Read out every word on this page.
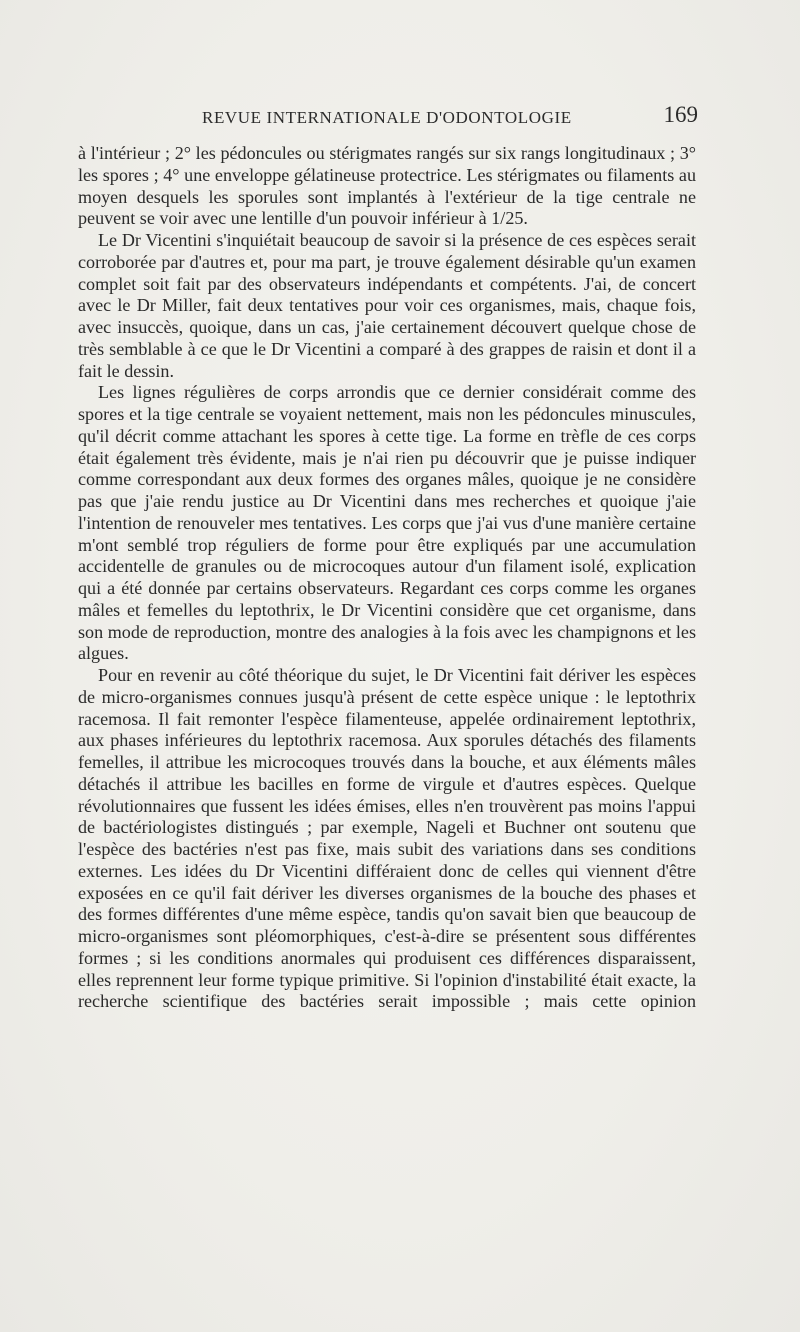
REVUE INTERNATIONALE D'ODONTOLOGIE	169

à l'intérieur ; 2° les pédoncules ou stérigmates rangés sur six rangs longitudinaux ; 3° les spores ; 4° une enveloppe gélatineuse protectrice. Les stérigmates ou filaments au moyen desquels les sporules sont implantés à l'extérieur de la tige centrale ne peuvent se voir avec une lentille d'un pouvoir inférieur à 1/25.

Le Dr Vicentini s'inquiétait beaucoup de savoir si la présence de ces espèces serait corroborée par d'autres et, pour ma part, je trouve également désirable qu'un examen complet soit fait par des observateurs indépendants et compétents. J'ai, de concert avec le Dr Miller, fait deux tentatives pour voir ces organismes, mais, chaque fois, avec insuccès, quoique, dans un cas, j'aie certainement découvert quelque chose de très semblable à ce que le Dr Vicentini a comparé à des grappes de raisin et dont il a fait le dessin.

Les lignes régulières de corps arrondis que ce dernier considérait comme des spores et la tige centrale se voyaient nettement, mais non les pédoncules minuscules, qu'il décrit comme attachant les spores à cette tige. La forme en trèfle de ces corps était également très évidente, mais je n'ai rien pu découvrir que je puisse indiquer comme correspondant aux deux formes des organes mâles, quoique je ne considère pas que j'aie rendu justice au Dr Vicentini dans mes recherches et quoique j'aie l'intention de renouveler mes tentatives. Les corps que j'ai vus d'une manière certaine m'ont semblé trop réguliers de forme pour être expliqués par une accumulation accidentelle de granules ou de microcoques autour d'un filament isolé, explication qui a été donnée par certains observateurs. Regardant ces corps comme les organes mâles et femelles du leptothrix, le Dr Vicentini considère que cet organisme, dans son mode de reproduction, montre des analogies à la fois avec les champignons et les algues.

Pour en revenir au côté théorique du sujet, le Dr Vicentini fait dériver les espèces de micro-organismes connues jusqu'à présent de cette espèce unique : le leptothrix racemosa. Il fait remonter l'espèce filamenteuse, appelée ordinairement leptothrix, aux phases inférieures du leptothrix racemosa. Aux sporules détachés des filaments femelles, il attribue les microcoques trouvés dans la bouche, et aux éléments mâles détachés il attribue les bacilles en forme de virgule et d'autres espèces. Quelque révolutionnaires que fussent les idées émises, elles n'en trouvèrent pas moins l'appui de bactériologistes distingués ; par exemple, Nageli et Buchner ont soutenu que l'espèce des bactéries n'est pas fixe, mais subit des variations dans ses conditions externes. Les idées du Dr Vicentini différaient donc de celles qui viennent d'être exposées en ce qu'il fait dériver les diverses organismes de la bouche des phases et des formes différentes d'une même espèce, tandis qu'on savait bien que beaucoup de micro-organismes sont pléomorphiques, c'est-à-dire se présentent sous différentes formes ; si les conditions anormales qui produisent ces différences disparaissent, elles reprennent leur forme typique primitive. Si l'opinion d'instabilité était exacte, la recherche scientifique des bactéries serait impossible ; mais cette opinion
